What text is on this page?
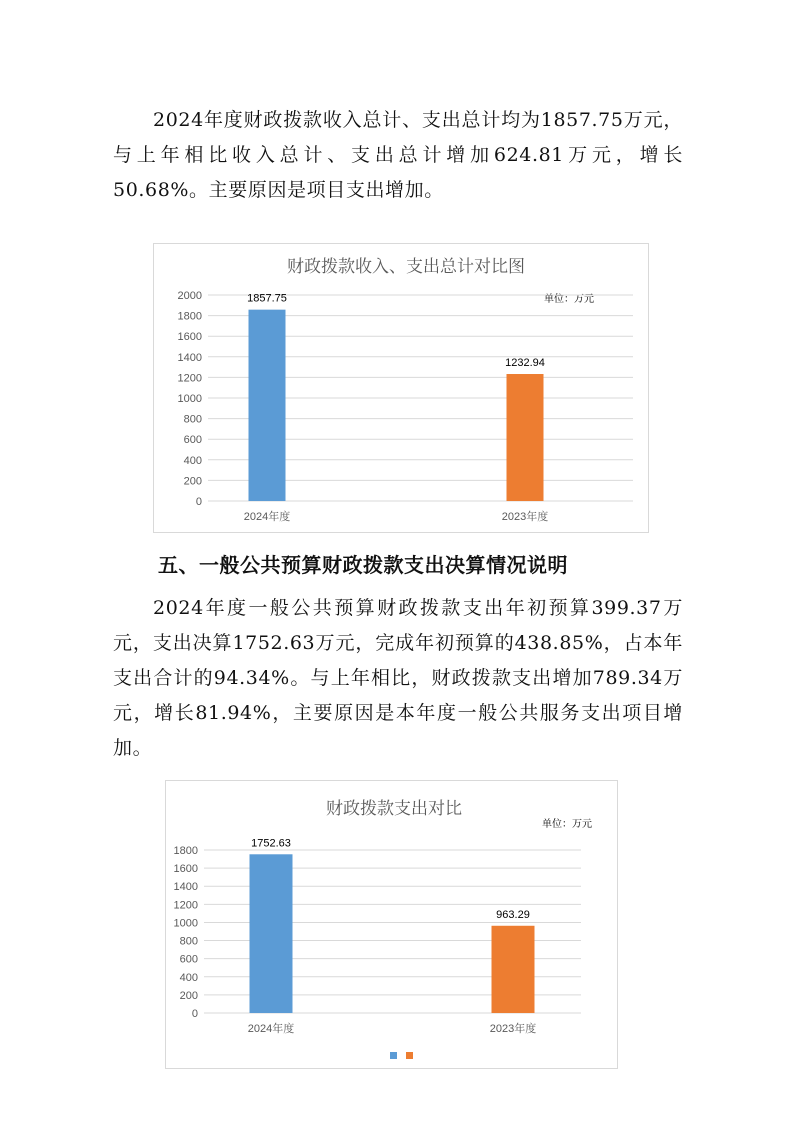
2024年度财政拨款收入总计、支出总计均为1857.75万元，与上年相比收入总计、支出总计增加624.81万元，增长50.68%。主要原因是项目支出增加。

财政拨款收入、支出总计对比图
单位：万元
0
200
400
600
800
1000
1200
1400
1600
1800
2000	1857.75
2024年度
1232.94
2023年度
五、一般公共预算财政拨款支出决算情况说明

2024年度一般公共预算财政拨款支出年初预算399.37万元，支出决算1752.63万元，完成年初预算的438.85%，占本年支出合计的94.34%。与上年相比，财政拨款支出增加789.34万元，增长81.94%，主要原因是本年度一般公共服务支出项目增加。

财政拨款支出对比
单位：万元
0
200
400
600
800
1000
1200
1400
1600
1800
1752.63
2024年度
963.29
2023年度
